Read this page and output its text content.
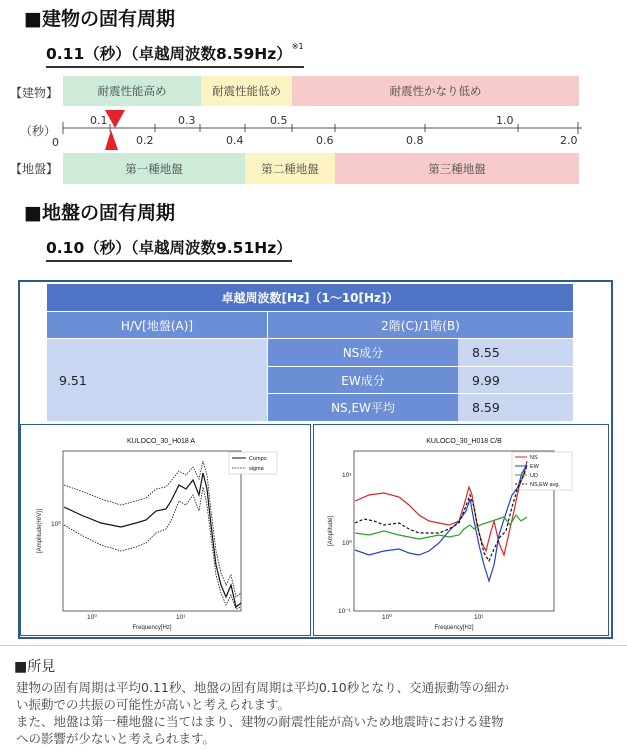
■建物の固有周期
0.11（秒）（卓越周波数8.59Hz）$^{※1}$
【建物】	耐震性能高め	耐震性能低め	耐震性かなり低め
（秒）
0.1	0.3	0.5	1.0
0	0.2	0.4	0.6	0.8	2.0
【地盤】	第一種地盤	第二種地盤	第三種地盤
■地盤の固有周期
0.10（秒）（卓越周波数9.51Hz）
卓越周波数[Hz]（1～10[Hz]）
H/V[地盤(A)]	2階(C)/1階(B)
9.51
NS成分	8.55
EW成分	9.99
NS,EW平均	8.59
KULOCO_30_H018 A
10⁰
10⁰	10¹
Frequency[Hz]
[Amplitude(H/V)]
Compo
sigma
KULOCO_30_H018 C/B
10¹
10⁰
10⁻¹
10⁰	10¹
Frequency[Hz]
[Amplitude]
NS
EW
UD
NS,EW avg.
■所見
建物の固有周期は平均0.11秒、地盤の固有周期は平均0.10秒となり、交通振動等の細か
い振動での共振の可能性が高いと考えられます。
また、地盤は第一種地盤に当てはまり、建物の耐震性能が高いため地震時における建物
への影響が少ないと考えられます。
